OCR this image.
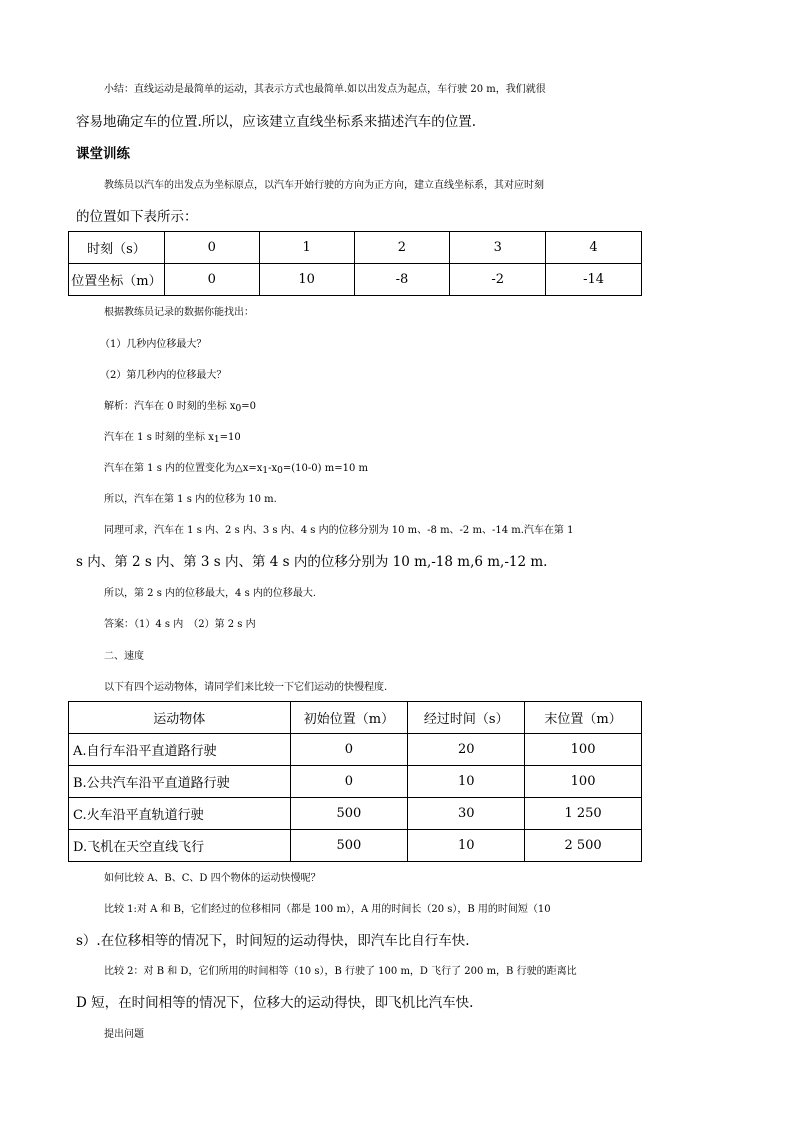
小结：直线运动是最简单的运动，其表示方式也最简单.如以出发点为起点，车行驶 20 m，我们就很
容易地确定车的位置.所以，应该建立直线坐标系来描述汽车的位置.
课堂训练
教练员以汽车的出发点为坐标原点，以汽车开始行驶的方向为正方向，建立直线坐标系，其对应时刻
的位置如下表所示：
时刻（s）	0	1	2	3	4
位置坐标（m）	0	10	-8	-2	-14
根据教练员记录的数据你能找出：
（1）几秒内位移最大？
（2）第几秒内的位移最大？
解析：汽车在 0 时刻的坐标 $x_0=0$
汽车在 1 s 时刻的坐标 $x_1=10$
汽车在第 1 s 内的位置变化为$\triangle x=x_1-x_0=(10-0)$ m=10 m
所以，汽车在第 1 s 内的位移为 10 m.
同理可求，汽车在 1 s 内、2 s 内、3 s 内、4 s 内的位移分别为 10 m、-8 m、-2 m、-14 m.汽车在第 1
s 内、第 2 s 内、第 3 s 内、第 4 s 内的位移分别为 10 m,-18 m,6 m,-12 m.
所以，第 2 s 内的位移最大，4 s 内的位移最大.
答案：（1）4 s 内　（2）第 2 s 内
二、速度
以下有四个运动物体，请同学们来比较一下它们运动的快慢程度.
运动物体	初始位置（m）	经过时间（s）	末位置（m）
A.自行车沿平直道路行驶	0	20	100
B.公共汽车沿平直道路行驶	0	10	100
C.火车沿平直轨道行驶	500	30	1 250
D.飞机在天空直线飞行	500	10	2 500
如何比较 A、B、C、D 四个物体的运动快慢呢？
比较 1:对 A 和 B，它们经过的位移相同（都是 100 m），A 用的时间长（20 s），B 用的时间短（10
s）.在位移相等的情况下，时间短的运动得快，即汽车比自行车快.
比较 2：对 B 和 D，它们所用的时间相等（10 s），B 行驶了 100 m，D 飞行了 200 m，B 行驶的距离比
D 短，在时间相等的情况下，位移大的运动得快，即飞机比汽车快.
提出问题
